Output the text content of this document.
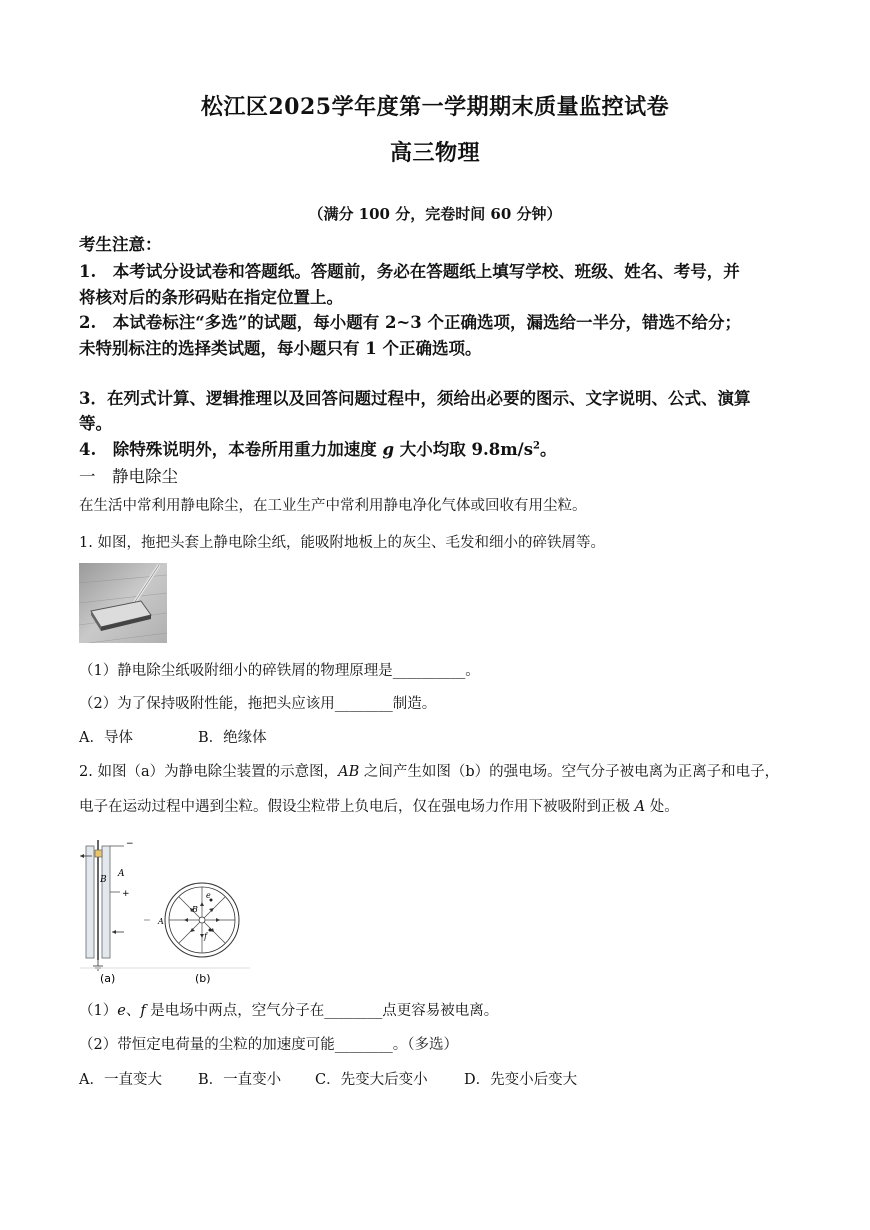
松江区2025学年度第一学期期末质量监控试卷
高三物理
（满分 100 分，完卷时间 60 分钟）
考生注意：
1.　本考试分设试卷和答题纸。答题前，务必在答题纸上填写学校、班级、姓名、考号，并
将核对后的条形码贴在指定位置上。
2.　本试卷标注“多选”的试题，每小题有 2~3 个正确选项，漏选给一半分，错选不给分；
未特别标注的选择类试题，每小题只有 1 个正确选项。
3．在列式计算、逻辑推理以及回答问题过程中，须给出必要的图示、文字说明、公式、演算
等。
4.　除特殊说明外，本卷所用重力加速度 g 大小均取 $9.8m/s^2$。
一　静电除尘
在生活中常利用静电除尘，在工业生产中常利用静电净化气体或回收有用尘粒。
1. 如图，拖把头套上静电除尘纸，能吸附地板上的灰尘、毛发和细小的碎铁屑等。
（1）静电除尘纸吸附细小的碎铁屑的物理原理是__________。
（2）为了保持吸附性能，拖把头应该用________制造。
A．导体	B．绝缘体
2. 如图（a）为静电除尘装置的示意图，AB 之间产生如图（b）的强电场。空气分子被电离为正离子和电子，
电子在运动过程中遇到尘粒。假设尘粒带上负电后，仅在强电场力作用下被吸附到正极 A 处。
−
+
A
B
e
f
B
A
(a)	(b)
（1）e、f 是电场中两点，空气分子在________点更容易被电离。
（2）带恒定电荷量的尘粒的加速度可能________。（多选）
A．一直变大 B．一直变小 C．先变大后变小	D．先变小后变大
